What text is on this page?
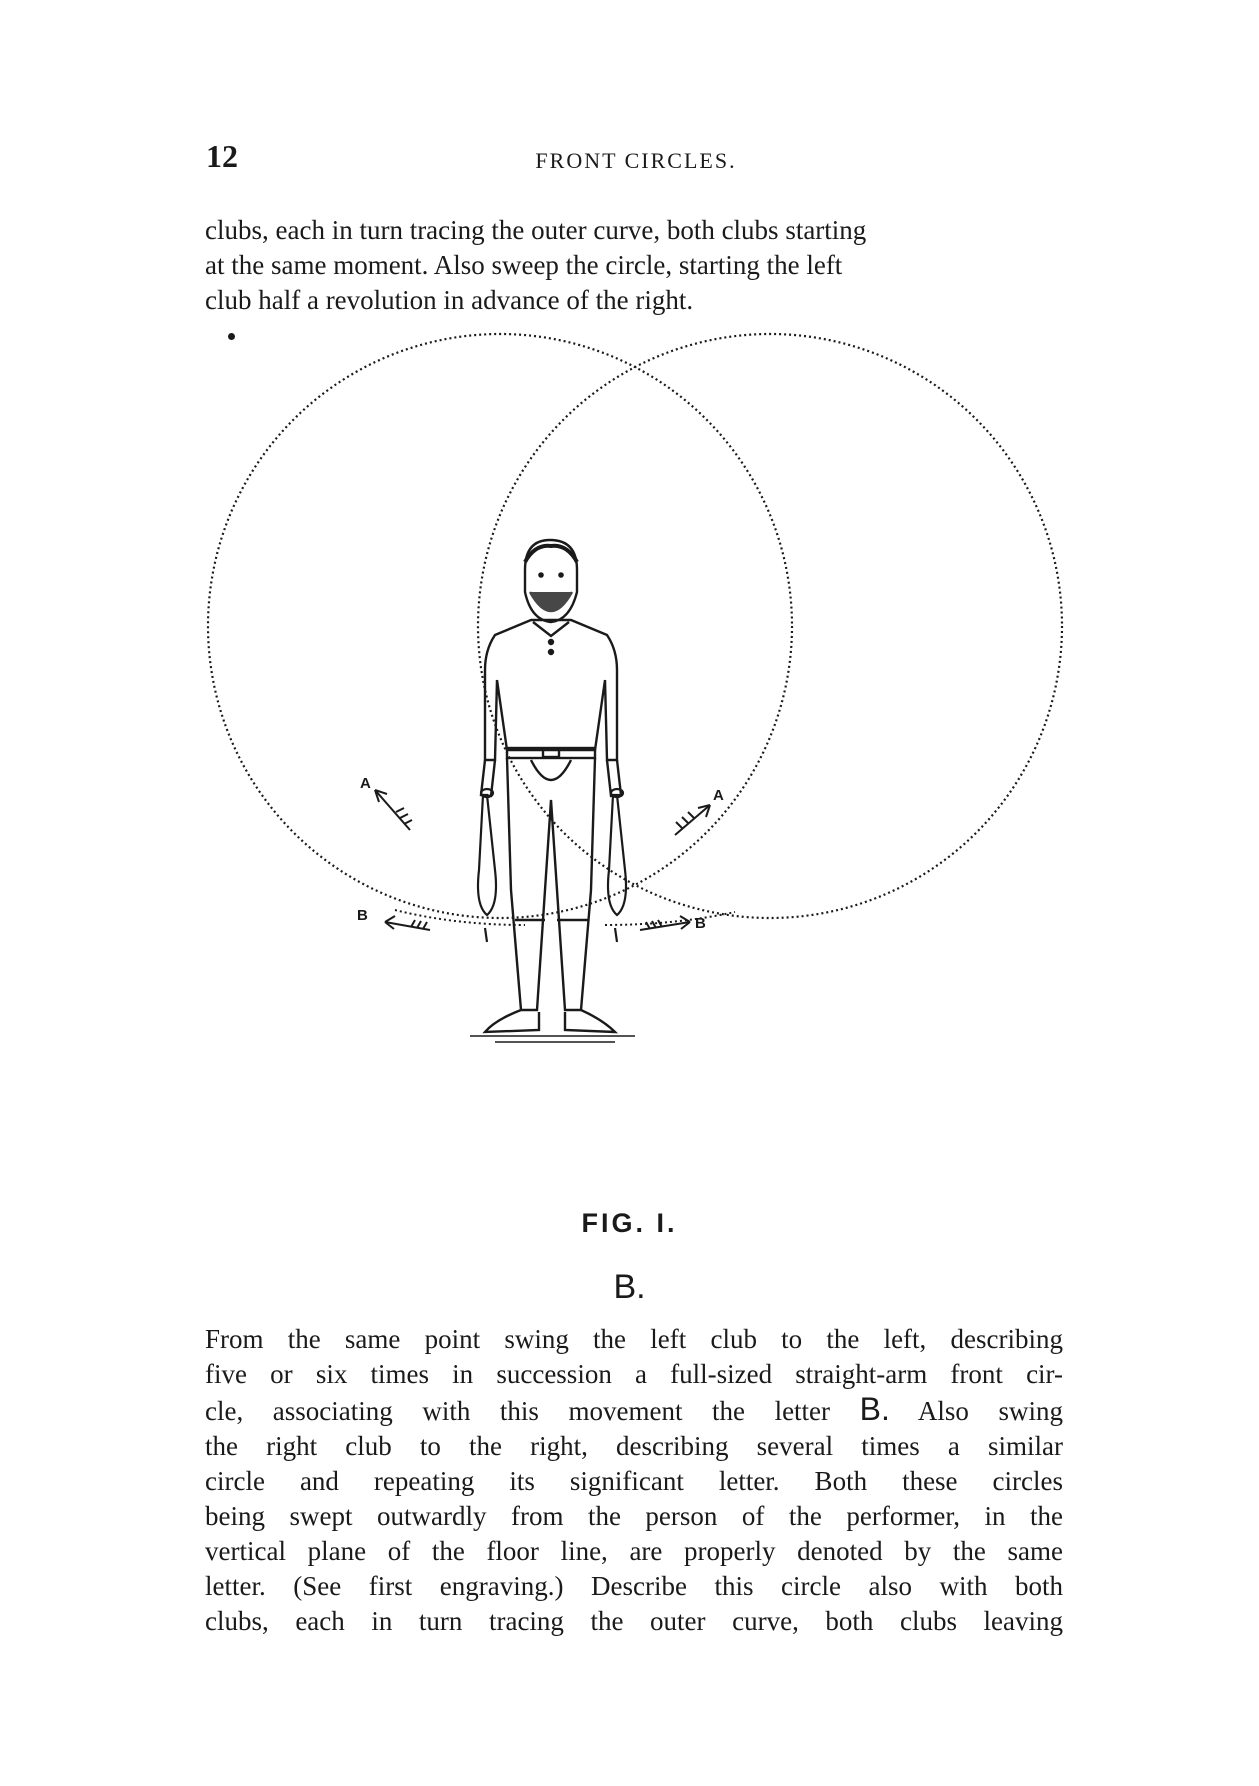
12	FRONT CIRCLES.

clubs, each in turn tracing the outer curve, both clubs starting
at the same moment. Also sweep the circle, starting the left
club half a revolution in advance of the right.

A
A
B	B
FIG. I.
B.

From the same point swing the left club to the left, describing
five or six times in succession a full-sized straight-arm front cir-
cle, associating with this movement the letter B. Also swing
the right club to the right, describing several times a similar
circle and repeating its significant letter. Both these circles
being swept outwardly from the person of the performer, in the
vertical plane of the floor line, are properly denoted by the same
letter. (See first engraving.) Describe this circle also with both
clubs, each in turn tracing the outer curve, both clubs leaving
